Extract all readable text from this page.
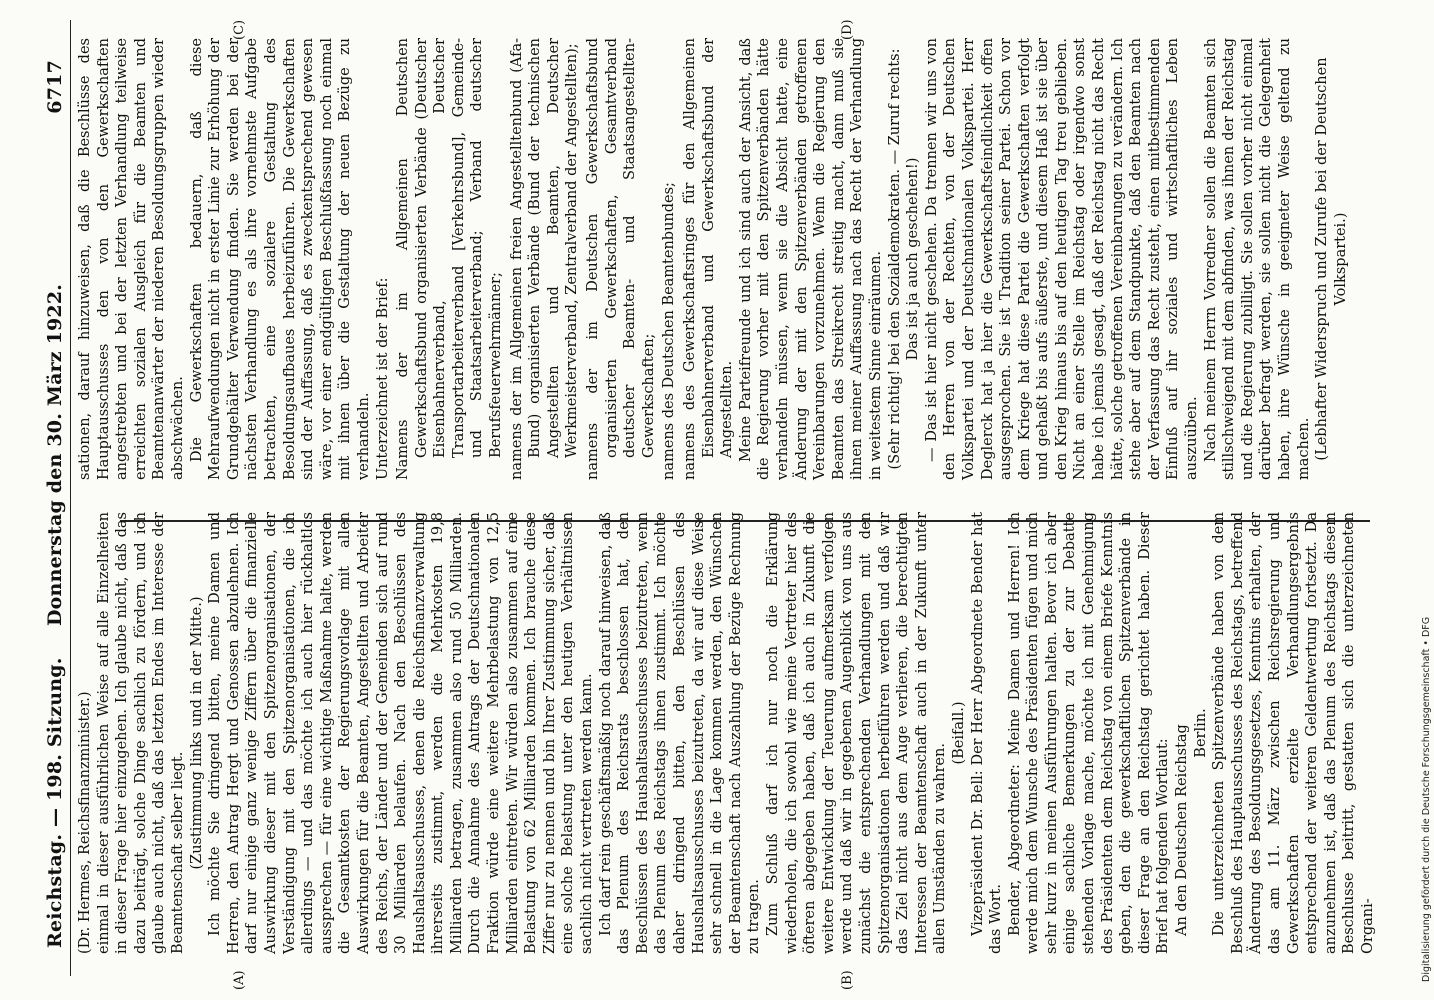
Reichstag. — 198. Sitzung.
Donnerstag den 30. März 1922.
6717
(A)	(B)
(C)	(D)

(Dr. Hermes, Reichsfinanzminister.) einmal in dieser ausführlichen Weise auf alle Einzelheiten in dieser Frage hier einzugehen. Ich glaube nicht, daß das dazu beiträgt, solche Dinge sachlich zu fördern, und ich glaube auch nicht, daß das letzten Endes im Interesse der Beamtenschaft selber liegt. (Zustimmung links und in der Mitte.) Ich möchte Sie dringend bitten, meine Damen und Herren, den Antrag Hergt und Genossen abzulehnen. Ich darf nur einige ganz wenige Ziffern über die finanzielle Auswirkung dieser mit den Spitzenorganisationen, der Verständigung mit den Spitzenorganisationen, die ich allerdings — und das möchte ich auch hier rückhaltlos aussprechen — für eine wichtige Maßnahme halte, werden die Gesamtkosten der Regierungsvorlage mit allen Auswirkungen für die Beamten, Angestellten und Arbeiter des Reichs, der Länder und der Gemeinden sich auf rund 30 Milliarden belaufen. Nach den Beschlüssen des Haushaltsausschusses, denen die Reichsfinanzverwaltung ihrerseits zustimmt, werden die Mehrkosten 19,8 Milliarden betragen, zusammen also rund 50 Milliarden. Durch die Annahme des Antrags der Deutschnationalen Fraktion würde eine weitere Mehrbelastung von 12,5 Milliarden eintreten. Wir würden also zusammen auf eine Belastung von 62 Milliarden kommen. Ich brauche diese Ziffer nur zu nennen und bin Ihrer Zustimmung sicher, daß eine solche Belastung unter den heutigen Verhältnissen sachlich nicht vertreten werden kann. Ich darf rein geschäftsmäßig noch darauf hinweisen, daß das Plenum des Reichsrats beschlossen hat, den Beschlüssen des Haushaltsausschusses beizutreten, wenn das Plenum des Reichstags ihnen zustimmt. Ich möchte daher dringend bitten, den Beschlüssen des Haushaltsausschusses beizutreten, da wir auf diese Weise sehr schnell in die Lage kommen werden, den Wünschen der Beamtenschaft nach Auszahlung der Bezüge Rechnung zu tragen. Zum Schluß darf ich nur noch die Erklärung wiederholen, die ich sowohl wie meine Vertreter hier des öfteren abgegeben haben, daß ich auch in Zukunft die weitere Entwicklung der Teuerung aufmerksam verfolgen werde und daß wir in gegebenen Augenblick von uns aus zunächst die entsprechenden Verhandlungen mit den Spitzenorganisationen herbeiführen werden und daß wir das Ziel nicht aus dem Auge verlieren, die berechtigten Interessen der Beamtenschaft auch in der Zukunft unter allen Umständen zu wahren.

(Beifall.) Vizepräsident Dr. Bell: Der Herr Abgeordnete Bender hat das Wort. Bender, Abgeordneter: Meine Damen und Herren! Ich werde mich dem Wunsche des Präsidenten fügen und mich sehr kurz in meinen Ausführungen halten. Bevor ich aber einige sachliche Bemerkungen zu der zur Debatte stehenden Vorlage mache, möchte ich mit Genehmigung des Präsidenten dem Reichstag von einem Briefe Kenntnis geben, den die gewerkschaftlichen Spitzenverbände in dieser Frage an den Reichstag gerichtet haben. Dieser Brief hat folgenden Wortlaut: An den Deutschen Reichstag Berlin. Die unterzeichneten Spitzenverbände haben von dem Beschluß des Hauptausschusses des Reichstags, betreffend Änderung des Besoldungsgesetzes, Kenntnis erhalten, der das am 11. März zwischen Reichsregierung und Gewerkschaften erzielte Verhandlungsergebnis entsprechend der weiteren Geldentwertung fortsetzt. Da anzunehmen ist, daß das Plenum des Reichstags diesem Beschlusse beitritt, gestatten sich die unterzeichneten Organi-

sationen, darauf hinzuweisen, daß die Beschlüsse des Hauptausschusses den von den Gewerkschaften angestrebten und bei der letzten Verhandlung teilweise erreichten sozialen Ausgleich für die Beamten und Beamtenanwärter der niederen Besoldungsgruppen wieder abschwächen. Die Gewerkschaften bedauern, daß diese Mehraufwendungen nicht in erster Linie zur Erhöhung der Grundgehälter Verwendung finden. Sie werden bei der nächsten Verhandlung es als ihre vornehmste Aufgabe betrachten, eine sozialere Gestaltung des Besoldungsaufbaues herbeizuführen. Die Gewerkschaften sind der Auffassung, daß es zweckentsprechend gewesen wäre, vor einer endgültigen Beschlußfassung noch einmal mit ihnen über die Gestaltung der neuen Bezüge zu verhandeln. Unterzeichnet ist der Brief: Namens der im Allgemeinen Deutschen Gewerkschaftsbund organisierten Verbände (Deutscher Eisenbahnerverband, Deutscher Transportarbeiterverband [Verkehrsbund], Gemeinde- und Staatsarbeiterverband; Verband deutscher Berufsfeuerwehrmänner; namens der im Allgemeinen freien Angestelltenbund (Afa-Bund) organisierten Verbände (Bund der technischen Angestellten und Beamten, Deutscher Werkmeisterverband, Zentralverband der Angestellten); namens der im Deutschen Gewerkschaftsbund organisierten Gewerkschaften, Gesamtverband deutscher Beamten- und Staatsangestellten-Gewerkschaften; namens des Deutschen Beamtenbundes; namens des Gewerkschaftsringes für den Allgemeinen Eisenbahnerverband und Gewerkschaftsbund der Angestellten. Meine Parteifreunde und ich sind auch der Ansicht, daß die Regierung vorher mit den Spitzenverbänden hätte verhandeln müssen, wenn sie die Absicht hatte, eine Änderung der mit den Spitzenverbänden getroffenen Vereinbarungen vorzunehmen. Wenn die Regierung den Beamten das Streikrecht streitig macht, dann muß sie ihnen meiner Auffassung nach das Recht der Verhandlung in weitestem Sinne einräumen. (Sehr richtig! bei den Sozialdemokraten. — Zuruf rechts: Das ist ja auch geschehen!) — Das ist hier nicht geschehen. Da trennen wir uns von den Herren von der Rechten, von der Deutschen Volkspartei und der Deutschnationalen Volkspartei. Herr Deglerck hat ja hier die Gewerkschaftsfeindlichkeit offen ausgesprochen. Sie ist Tradition seiner Partei. Schon vor dem Kriege hat diese Partei die Gewerkschaften verfolgt und gehaßt bis aufs äußerste, und diesem Haß ist sie über den Krieg hinaus bis auf den heutigen Tag treu geblieben. Nicht an einer Stelle im Reichstag oder irgendwo sonst habe ich jemals gesagt, daß der Reichstag nicht das Recht hätte, solche getroffenen Vereinbarungen zu verändern. Ich stehe aber auf dem Standpunkte, daß den Beamten nach der Verfassung das Recht zusteht, einen mitbestimmenden Einfluß auf ihr soziales und wirtschaftliches Leben auszuüben. Nach meinem Herrn Vorredner sollen die Beamten sich stillschweigend mit dem abfinden, was ihnen der Reichstag und die Regierung zubilligt. Sie sollen vorher nicht einmal darüber befragt werden, sie sollen nicht die Gelegenheit haben, ihre Wünsche in geeigneter Weise geltend zu machen. (Lebhafter Widerspruch und Zurufe bei der Deutschen Volkspartei.)

Digitalisierung gefördert durch die Deutsche Forschungsgemeinschaft • DFG
